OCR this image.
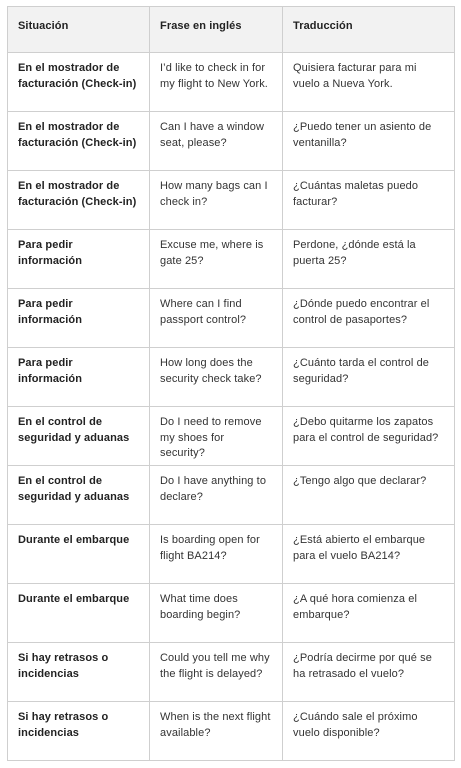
Situación	Frase en inglés	Traducción
En el mostrador de facturación (Check-in)	I’d like to check in for my flight to New York.	Quisiera facturar para mi vuelo a Nueva York.
En el mostrador de facturación (Check-in)	Can I have a window seat, please?	¿Puedo tener un asiento de ventanilla?
En el mostrador de facturación (Check-in)	How many bags can I check in?	¿Cuántas maletas puedo facturar?
Para pedir información	Excuse me, where is gate 25?	Perdone, ¿dónde está la puerta 25?
Para pedir información	Where can I find passport control?	¿Dónde puedo encontrar el control de pasaportes?
Para pedir información	How long does the security check take?	¿Cuánto tarda el control de seguridad?
En el control de seguridad y aduanas	Do I need to remove my shoes for security?	¿Debo quitarme los zapatos para el control de seguridad?
En el control de seguridad y aduanas	Do I have anything to declare?	¿Tengo algo que declarar?
Durante el embarque	Is boarding open for flight BA214?	¿Está abierto el embarque para el vuelo BA214?
Durante el embarque	What time does boarding begin?	¿A qué hora comienza el embarque?
Si hay retrasos o incidencias	Could you tell me why the flight is delayed?	¿Podría decirme por qué se ha retrasado el vuelo?
Si hay retrasos o incidencias	When is the next flight available?	¿Cuándo sale el próximo vuelo disponible?
